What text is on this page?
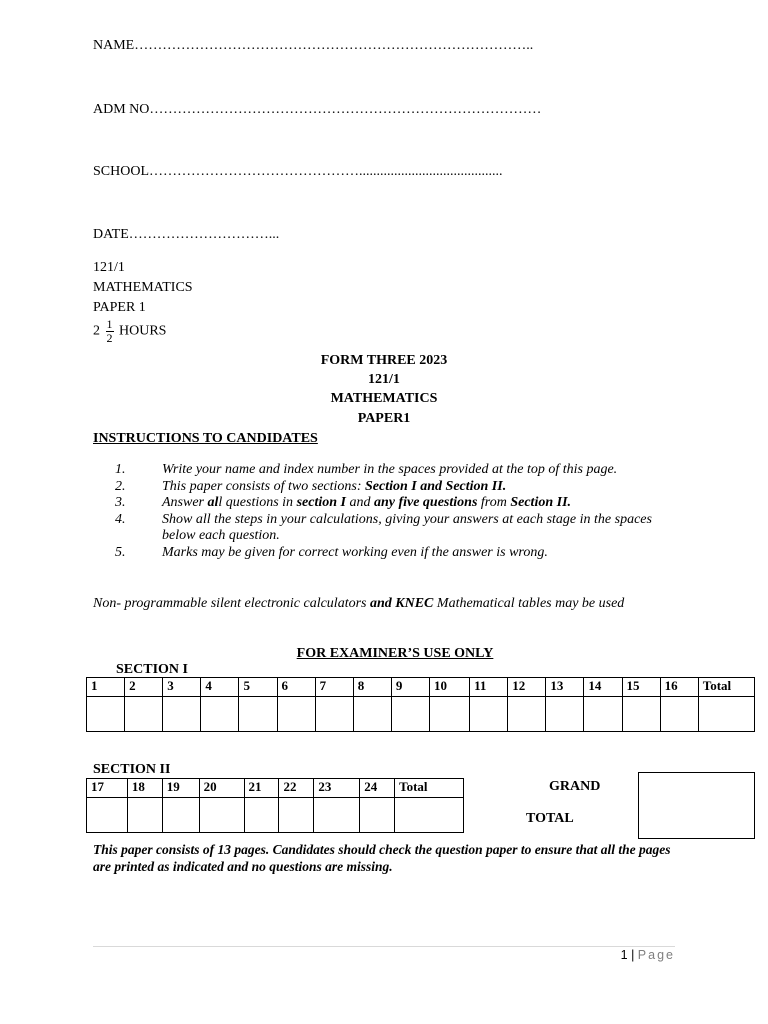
NAME…………………………………………………………………………..
ADM NO…………………………………………………………………………
SCHOOL……………………………………….........................................
DATE…………………………...
121/1
MATHEMATICS
PAPER 1
$2 \frac{1}{2}$ HOURS
FORM THREE 2023
121/1
MATHEMATICS
PAPER1
INSTRUCTIONS TO CANDIDATES
1.	Write your name and index number in the spaces provided at the top of this page.
2.	This paper consists of two sections: Section I and Section II.
3.	Answer all questions in section I and any five questions from Section II.
4.	Show all the steps in your calculations, giving your answers at each stage in the spaces below each question.
5.	Marks may be given for correct working even if the answer is wrong.
Non- programmable silent electronic calculators and KNEC Mathematical tables may be used
FOR EXAMINER’S USE ONLY
SECTION I
1	2	3	4	5	6	7	8	9	10	11	12	13	14	15	16	Total

SECTION II
17	18	19	20	21	22	23	24	Total
									GRAND
TOTAL
This paper consists of 13 pages. Candidates should check the question paper to ensure that all the pages are printed as indicated and no questions are missing.
1 | Page
